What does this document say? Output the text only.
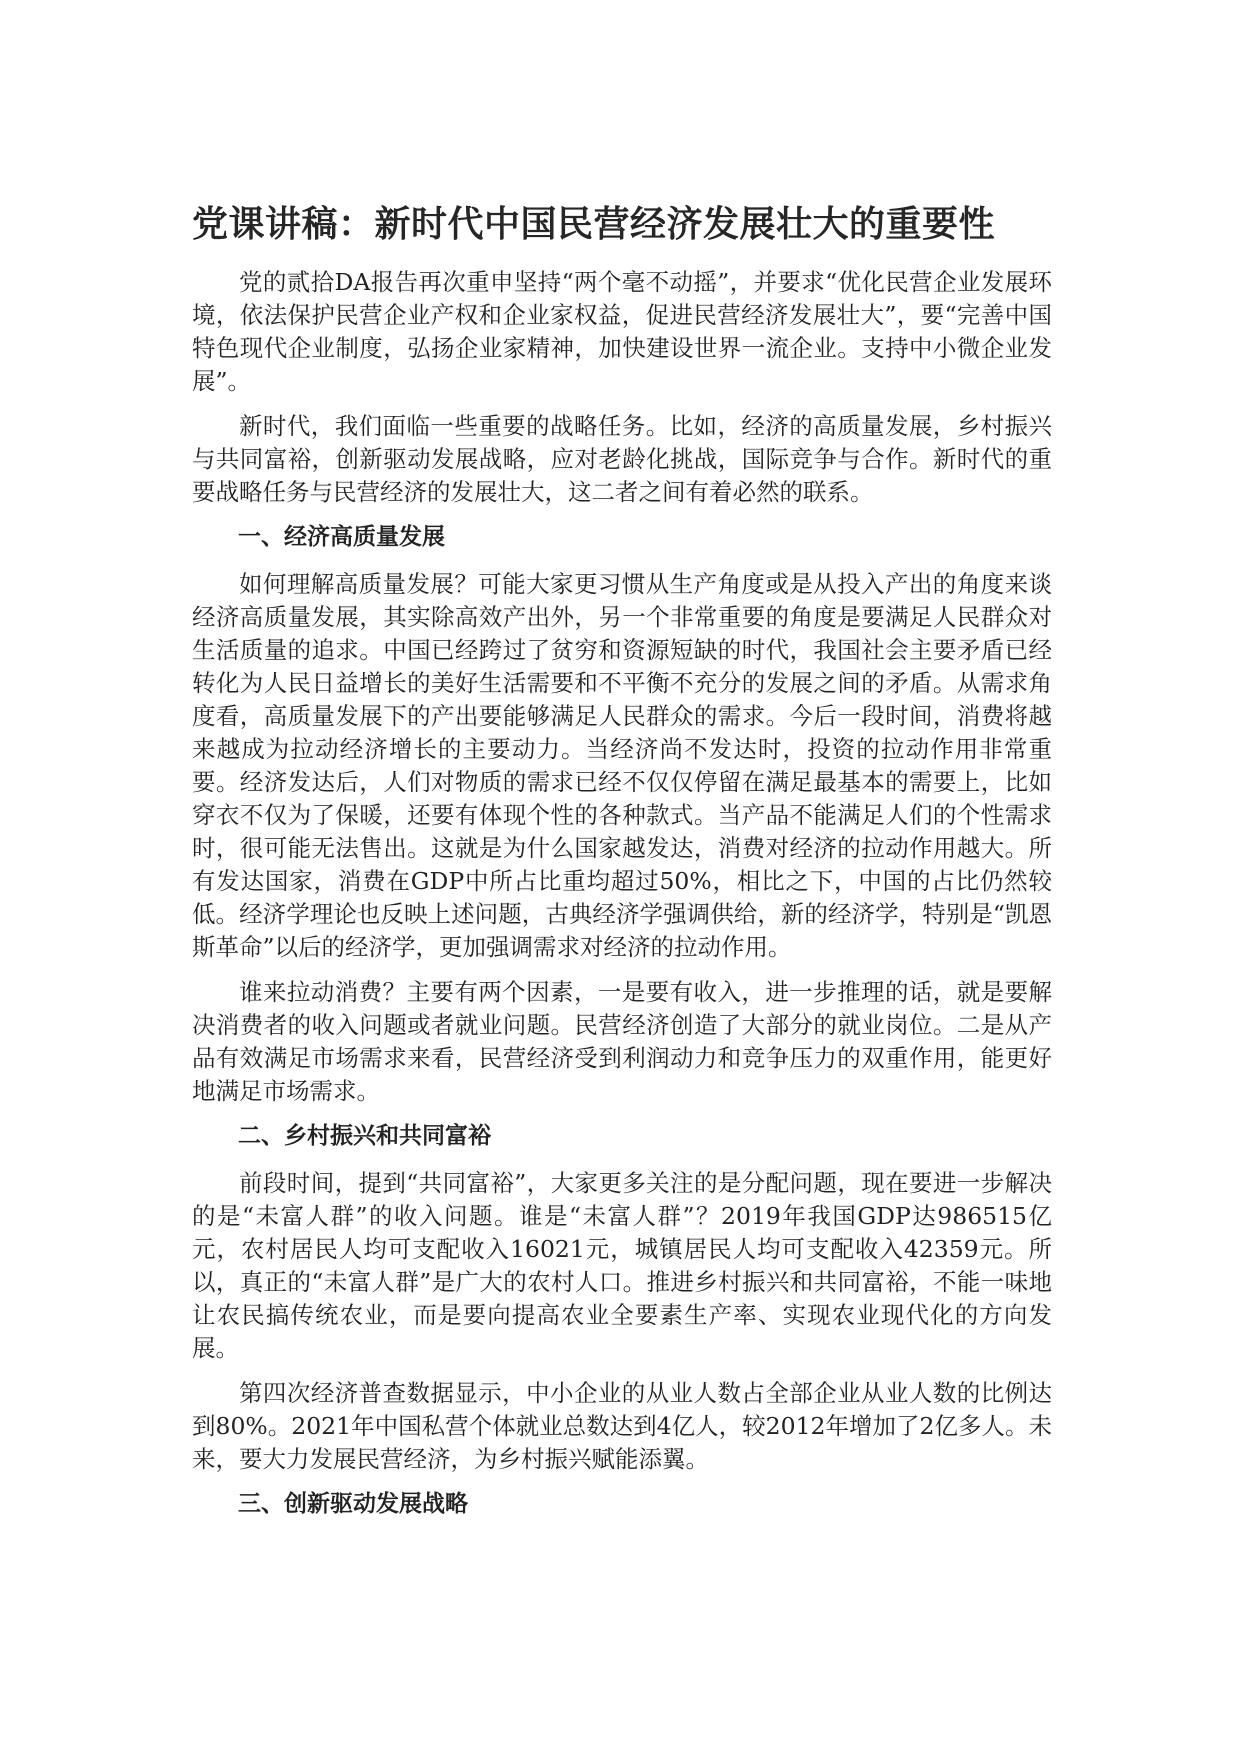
党课讲稿：新时代中国民营经济发展壮大的重要性

党的贰拾DA报告再次重申坚持“两个毫不动摇”，并要求“优化民营企业发展环境，依法保护民营企业产权和企业家权益，促进民营经济发展壮大”，要“完善中国特色现代企业制度，弘扬企业家精神，加快建设世界一流企业。支持中小微企业发展”。

新时代，我们面临一些重要的战略任务。比如，经济的高质量发展，乡村振兴与共同富裕，创新驱动发展战略，应对老龄化挑战，国际竞争与合作。新时代的重要战略任务与民营经济的发展壮大，这二者之间有着必然的联系。

一、经济高质量发展

如何理解高质量发展？可能大家更习惯从生产角度或是从投入产出的角度来谈经济高质量发展，其实除高效产出外，另一个非常重要的角度是要满足人民群众对生活质量的追求。中国已经跨过了贫穷和资源短缺的时代，我国社会主要矛盾已经转化为人民日益增长的美好生活需要和不平衡不充分的发展之间的矛盾。从需求角度看，高质量发展下的产出要能够满足人民群众的需求。今后一段时间，消费将越来越成为拉动经济增长的主要动力。当经济尚不发达时，投资的拉动作用非常重要。经济发达后，人们对物质的需求已经不仅仅停留在满足最基本的需要上，比如穿衣不仅为了保暖，还要有体现个性的各种款式。当产品不能满足人们的个性需求时，很可能无法售出。这就是为什么国家越发达，消费对经济的拉动作用越大。所有发达国家，消费在GDP中所占比重均超过50%，相比之下，中国的占比仍然较低。经济学理论也反映上述问题，古典经济学强调供给，新的经济学，特别是“凯恩斯革命”以后的经济学，更加强调需求对经济的拉动作用。

谁来拉动消费？主要有两个因素，一是要有收入，进一步推理的话，就是要解决消费者的收入问题或者就业问题。民营经济创造了大部分的就业岗位。二是从产品有效满足市场需求来看，民营经济受到利润动力和竞争压力的双重作用，能更好地满足市场需求。

二、乡村振兴和共同富裕

前段时间，提到“共同富裕”，大家更多关注的是分配问题，现在要进一步解决的是“未富人群”的收入问题。谁是“未富人群”？2019年我国GDP达986515亿元，农村居民人均可支配收入16021元，城镇居民人均可支配收入42359元。所以，真正的“未富人群”是广大的农村人口。推进乡村振兴和共同富裕，不能一味地让农民搞传统农业，而是要向提高农业全要素生产率、实现农业现代化的方向发展。

第四次经济普查数据显示，中小企业的从业人数占全部企业从业人数的比例达到80%。2021年中国私营个体就业总数达到4亿人，较2012年增加了2亿多人。未来，要大力发展民营经济，为乡村振兴赋能添翼。

三、创新驱动发展战略
